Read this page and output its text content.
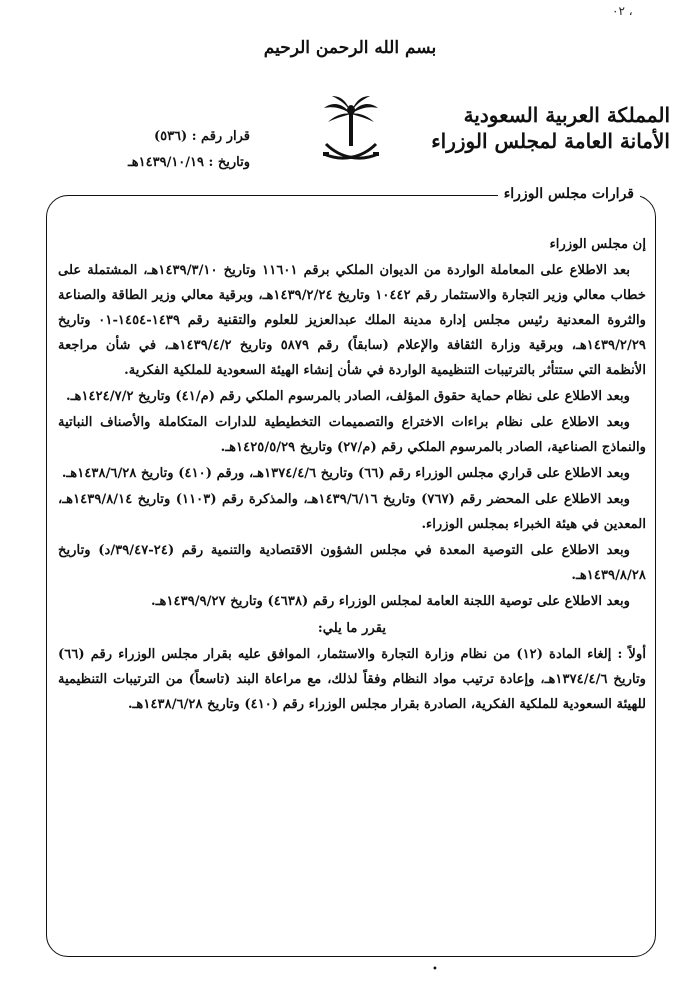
٠٢ ،
بسم الله الرحمن الرحيم
المملكة العربية السعودية
الأمانة العامة لمجلس الوزراء
قرار رقم : (٥٣٦)
وتاريخ : ١٤٣٩/١٠/١٩هـ
قرارات مجلس الوزراء

إن مجلس الوزراء

بعد الاطلاع على المعاملة الواردة من الديوان الملكي برقم ١١٦٠١ وتاريخ ١٤٣٩/٣/١٠هـ، المشتملة على خطاب معالي وزير التجارة والاستثمار رقم ١٠٤٤٢ وتاريخ ١٤٣٩/٢/٢٤هـ، وبرقية معالي وزير الطاقة والصناعة والثروة المعدنية رئيس مجلس إدارة مدينة الملك عبدالعزيز للعلوم والتقنية رقم ١٤٣٩-١٤٥٤-٠١ وتاريخ ١٤٣٩/٢/٢٩هـ، وبرقية وزارة الثقافة والإعلام (سابقاً) رقم ٥٨٧٩ وتاريخ ١٤٣٩/٤/٢هـ، في شأن مراجعة الأنظمة التي ستتأثر بالترتيبات التنظيمية الواردة في شأن إنشاء الهيئة السعودية للملكية الفكرية.

وبعد الاطلاع على نظام حماية حقوق المؤلف، الصادر بالمرسوم الملكي رقم (م/٤١) وتاريخ ١٤٢٤/٧/٢هـ.

وبعد الاطلاع على نظام براءات الاختراع والتصميمات التخطيطية للدارات المتكاملة والأصناف النباتية والنماذج الصناعية، الصادر بالمرسوم الملكي رقم (م/٢٧) وتاريخ ١٤٢٥/٥/٢٩هـ.

وبعد الاطلاع على قراري مجلس الوزراء رقم (٦٦) وتاريخ ١٣٧٤/٤/٦هـ، ورقم (٤١٠) وتاريخ ١٤٣٨/٦/٢٨هـ.

وبعد الاطلاع على المحضر رقم (٧٦٧) وتاريخ ١٤٣٩/٦/١٦هـ، والمذكرة رقم (١١٠٣) وتاريخ ١٤٣٩/٨/١٤هـ، المعدين في هيئة الخبراء بمجلس الوزراء.

وبعد الاطلاع على التوصية المعدة في مجلس الشؤون الاقتصادية والتنمية رقم (٢٤-٣٩/٤٧/د) وتاريخ ١٤٣٩/٨/٢٨هـ.

وبعد الاطلاع على توصية اللجنة العامة لمجلس الوزراء رقم (٤٦٣٨) وتاريخ ١٤٣٩/٩/٢٧هـ.

يقرر ما يلي:

أولاً : إلغاء المادة (١٢) من نظام وزارة التجارة والاستثمار، الموافق عليه بقرار مجلس الوزراء رقم (٦٦) وتاريخ ١٣٧٤/٤/٦هـ، وإعادة ترتيب مواد النظام وفقاً لذلك، مع مراعاة البند (تاسعاً) من الترتيبات التنظيمية للهيئة السعودية للملكية الفكرية، الصادرة بقرار مجلس الوزراء رقم (٤١٠) وتاريخ ١٤٣٨/٦/٢٨هـ.

•
